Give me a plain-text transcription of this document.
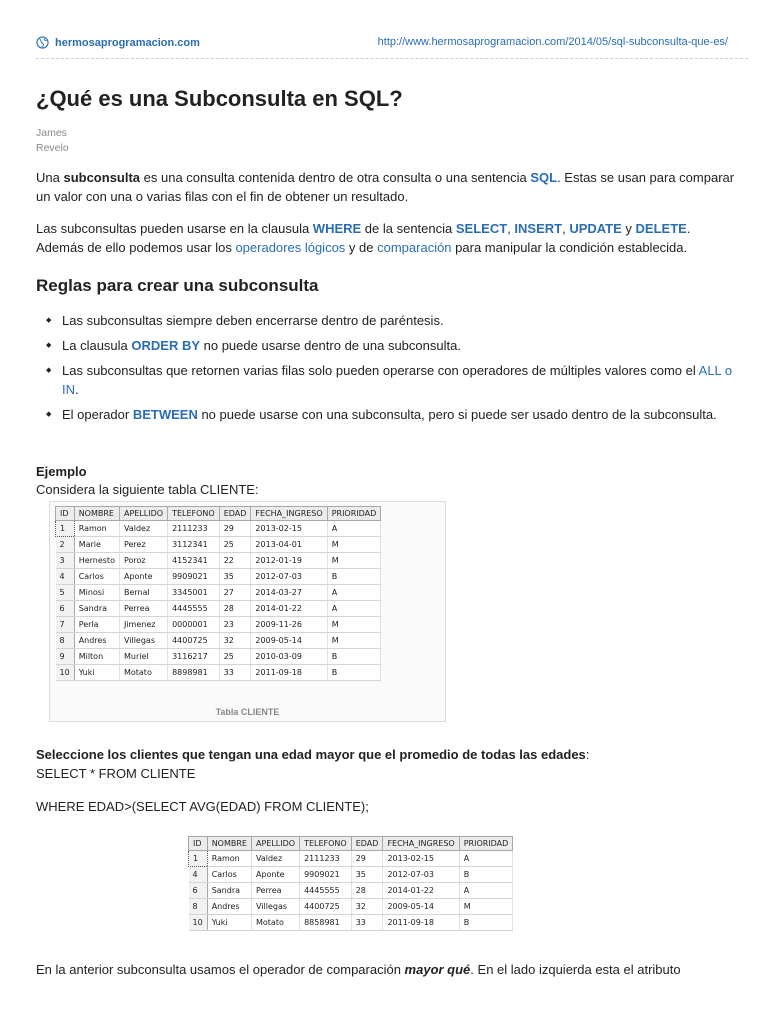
hermosaprogramacion.com	http://www.hermosaprogramacion.com/2014/05/sql-subconsulta-que-es/
¿Qué es una Subconsulta en SQL?
James
Revelo
Una subconsulta es una consulta contenida dentro de otra consulta o una sentencia SQL. Estas se usan para comparar un valor con una o varias filas con el fin de obtener un resultado.
Las subconsultas pueden usarse en la clausula WHERE de la sentencia SELECT, INSERT, UPDATE y DELETE. Además de ello podemos usar los operadores lógicos y de comparación para manipular la condición establecida.
Reglas para crear una subconsulta
◆ Las subconsultas siempre deben encerrarse dentro de paréntesis.
◆ La clausula ORDER BY no puede usarse dentro de una subconsulta.
◆ Las subconsultas que retornen varias filas solo pueden operarse con operadores de múltiples valores como el ALL o IN.
◆ El operador BETWEEN no puede usarse con una subconsulta, pero si puede ser usado dentro de la subconsulta.
Ejemplo
Considera la siguiente tabla CLIENTE:
Tabla CLIENTE
ID	NOMBRE	APELLIDO	TELEFONO	EDAD	FECHA_INGRESO	PRIORIDAD
1	Ramon	Valdez	2111233	29	2013-02-15	A
2	Marie	Perez	3112341	25	2013-04-01	M
3	Hernesto	Poroz	4152341	22	2012-01-19	M
4	Carlos	Aponte	9909021	35	2012-07-03	B
5	Minosi	Bernal	3345001	27	2014-03-27	A
6	Sandra	Perrea	4445555	28	2014-01-22	A
7	Perla	Jimenez	0000001	23	2009-11-26	M
8	Andres	Villegas	4400725	32	2009-05-14	M
9	Milton	Muriel	3116217	25	2010-03-09	B
10	Yuki	Motato	8898981	33	2011-09-18	B
Seleccione los clientes que tengan una edad mayor que el promedio de todas las edades:
SELECT * FROM CLIENTE
WHERE EDAD>(SELECT AVG(EDAD) FROM CLIENTE);
ID	NOMBRE	APELLIDO	TELEFONO	EDAD	FECHA_INGRESO	PRIORIDAD
1	Ramon	Valdez	2111233	29	2013-02-15	A
4	Carlos	Aponte	9909021	35	2012-07-03	B
6	Sandra	Perrea	4445555	28	2014-01-22	A
8	Andres	Villegas	4400725	32	2009-05-14	M
10	Yuki	Motato	8858981	33	2011-09-18	B
En la anterior subconsulta usamos el operador de comparación mayor qué. En el lado izquierda esta el atributo
